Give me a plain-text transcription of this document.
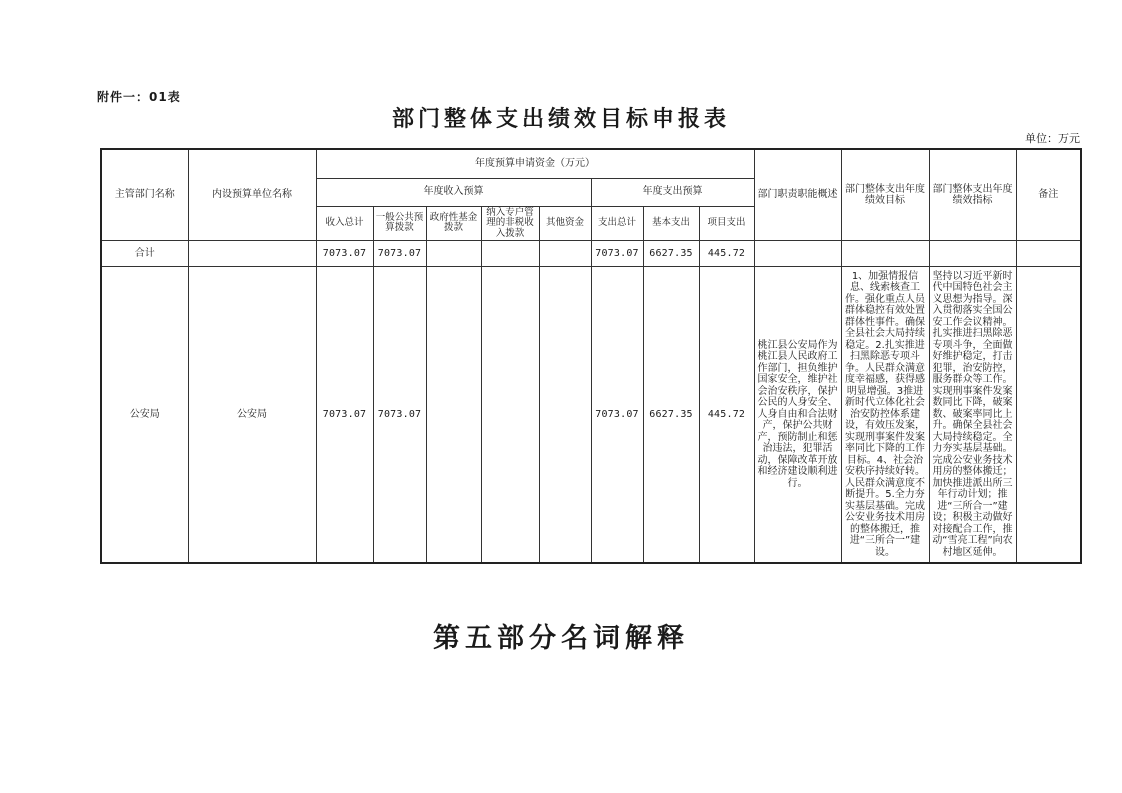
附件一：01表
部门整体支出绩效目标申报表
单位：万元
主管部门名称	内设预算单位名称	年度预算申请资金（万元）								部门职责职能概述	部门整体支出年度绩效目标	部门整体支出年度绩效指标	备注
		年度收入预算					年度支出预算						
		收入总计	一般公共预算拨款	政府性基金拨款	纳入专户管理的非税收入拨款	其他资金	支出总计	基本支出	项目支出				
合计		7073.07	7073.07				7073.07	6627.35	445.72				
公安局	公安局	7073.07	7073.07				7073.07	6627.35	445.72	桃江县公安局作为桃江县人民政府工作部门，担负维护国家安全，维护社会治安秩序，保护公民的人身安全、人身自由和合法财产，保护公共财产，预防制止和惩治违法，犯罪活动，保障改革开放和经济建设顺利进行。	1、加强情报信息、线索核查工作。强化重点人员群体稳控有效处置群体性事件。确保全县社会大局持续稳定。2.扎实推进扫黑除恶专项斗争。人民群众满意度幸福感，获得感明显增强。3推进新时代立体化社会治安防控体系建设，有效压发案，实现刑事案件发案率同比下降的工作目标。4、社会治安秩序持续好转。人民群众满意度不断提升。5.全力夯实基层基础。完成公安业务技术用房的整体搬迁，推进“三所合一”建设。	坚持以习近平新时代中国特色社会主义思想为指导。深入贯彻落实全国公安工作会议精神。扎实推进扫黑除恶专项斗争，全面做好维护稳定，打击犯罪，治安防控，服务群众等工作。实现刑事案件发案数同比下降，破案数、破案率同比上升。确保全县社会大局持续稳定。全力夯实基层基础。完成公安业务技术用房的整体搬迁；加快推进派出所三年行动计划；推进“三所合一”建设；积极主动做好对接配合工作，推动“雪亮工程”向农村地区延伸。	
第五部分名词解释
